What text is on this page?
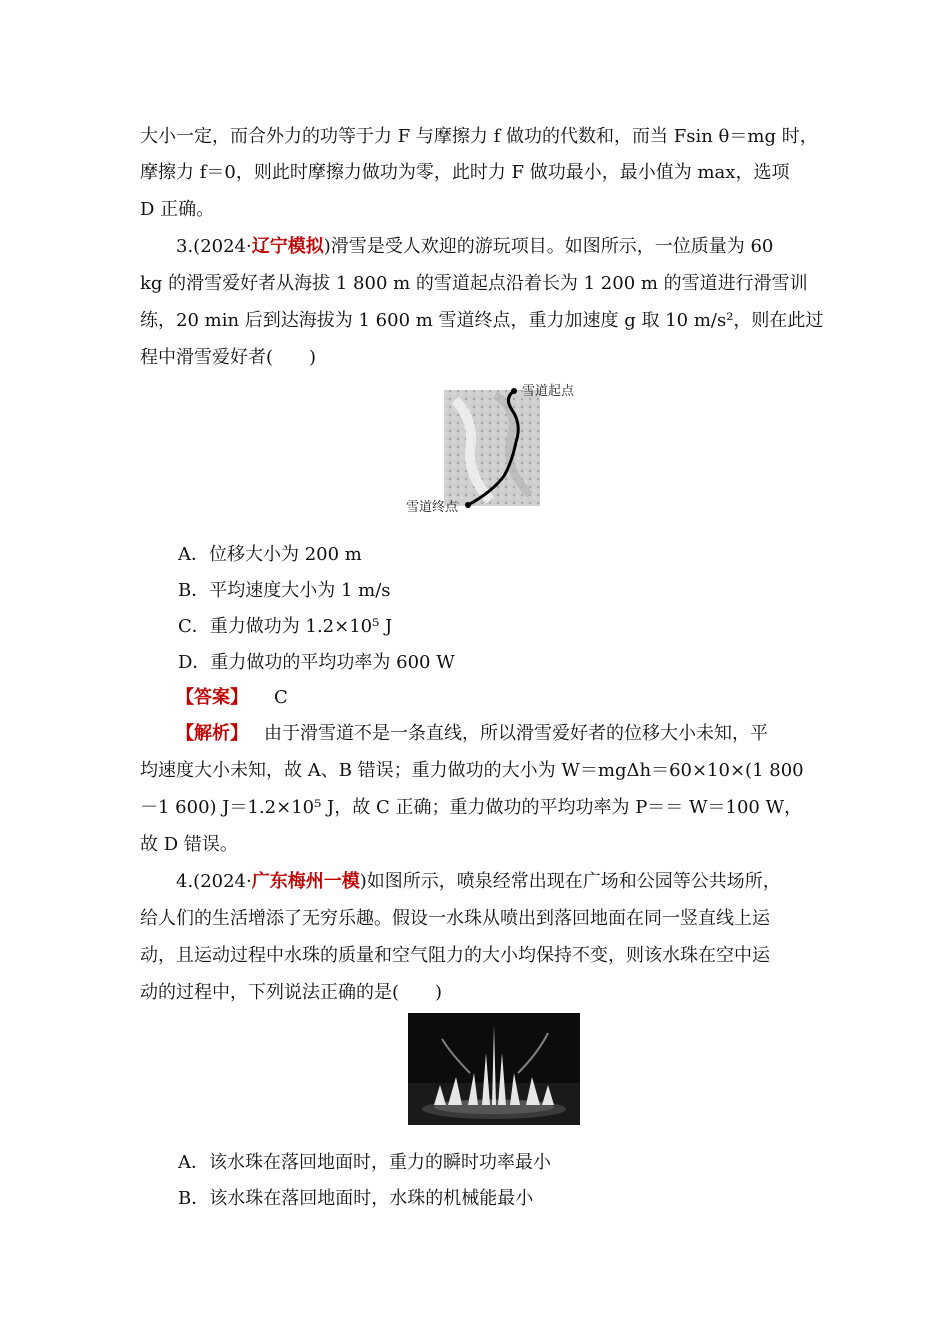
大小一定，而合外力的功等于力 F 与摩擦力 f 做功的代数和，而当 Fsin θ＝mg 时，
摩擦力 f＝0，则此时摩擦力做功为零，此时力 F 做功最小，最小值为 max，选项
D 正确。
3.(2024·辽宁模拟)滑雪是受人欢迎的游玩项目。如图所示，一位质量为 60
kg 的滑雪爱好者从海拔 1 800 m 的雪道起点沿着长为 1 200 m 的雪道进行滑雪训
练，20 min 后到达海拔为 1 600 m 雪道终点，重力加速度 g 取 10 m/s²，则在此过
程中滑雪爱好者(　　)
雪道起点
雪道终点
A．位移大小为 200 m
B．平均速度大小为 1 m/s
C．重力做功为 1.2×10⁵ J
D．重力做功的平均功率为 600 W
【答案】 C
【解析】 由于滑雪道不是一条直线，所以滑雪爱好者的位移大小未知，平
均速度大小未知，故 A、B 错误；重力做功的大小为 W＝mgΔh＝60×10×(1 800
－1 600) J＝1.2×10⁵ J，故 C 正确；重力做功的平均功率为 P＝＝ W＝100 W，
故 D 错误。
4.(2024·广东梅州一模)如图所示，喷泉经常出现在广场和公园等公共场所，
给人们的生活增添了无穷乐趣。假设一水珠从喷出到落回地面在同一竖直线上运
动，且运动过程中水珠的质量和空气阻力的大小均保持不变，则该水珠在空中运
动的过程中，下列说法正确的是(　　)
A．该水珠在落回地面时，重力的瞬时功率最小
B．该水珠在落回地面时，水珠的机械能最小
